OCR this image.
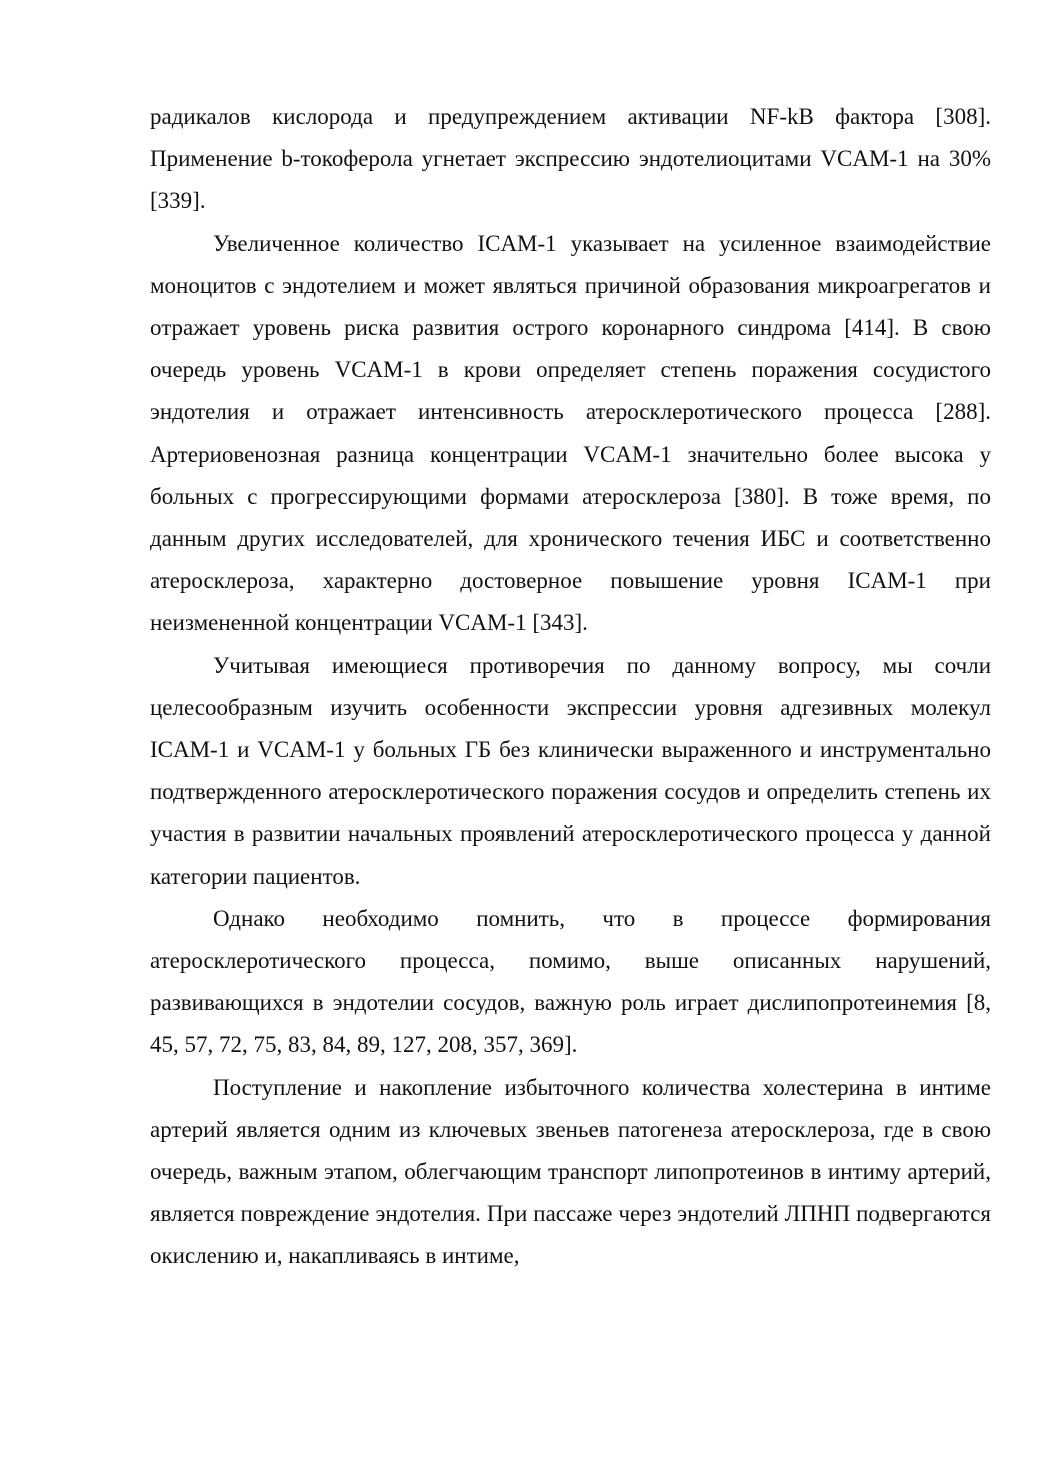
радикалов кислорода и предупреждением активации NF-kB фактора [308]. Применение b-токоферола угнетает экспрессию эндотелиоцитами VCAM-1 на 30% [339].

Увеличенное количество ICAM-1 указывает на усиленное взаимодействие моноцитов с эндотелием и может являться причиной образования микроагрегатов и отражает уровень риска развития острого коронарного синдрома [414]. В свою очередь уровень VCAM-1 в крови определяет степень поражения сосудистого эндотелия и отражает интенсивность атеросклеротического процесса [288]. Артериовенозная разница концентрации VCAM-1 значительно более высока у больных с прогрессирующими формами атеросклероза [380]. В тоже время, по данным других исследователей, для хронического течения ИБС и соответственно атеросклероза, характерно достоверное повышение уровня ICAM-1 при неизмененной концентрации VCAM-1 [343].

Учитывая имеющиеся противоречия по данному вопросу, мы сочли целесообразным изучить особенности экспрессии уровня адгезивных молекул ICAM-1 и VCAM-1 у больных ГБ без клинически выраженного и инструментально подтвержденного атеросклеротического поражения сосудов и определить степень их участия в развитии начальных проявлений атеросклеротического процесса у данной категории пациентов.

Однако необходимо помнить, что в процессе формирования атеросклеротического процесса, помимо, выше описанных нарушений, развивающихся в эндотелии сосудов, важную роль играет дислипопротеинемия [8, 45, 57, 72, 75, 83, 84, 89, 127, 208, 357, 369].

Поступление и накопление избыточного количества холестерина в интиме артерий является одним из ключевых звеньев патогенеза атеросклероза, где в свою очередь, важным этапом, облегчающим транспорт липопротеинов в интиму артерий, является повреждение эндотелия. При пассаже через эндотелий ЛПНП подвергаются окислению и, накапливаясь в интиме,
